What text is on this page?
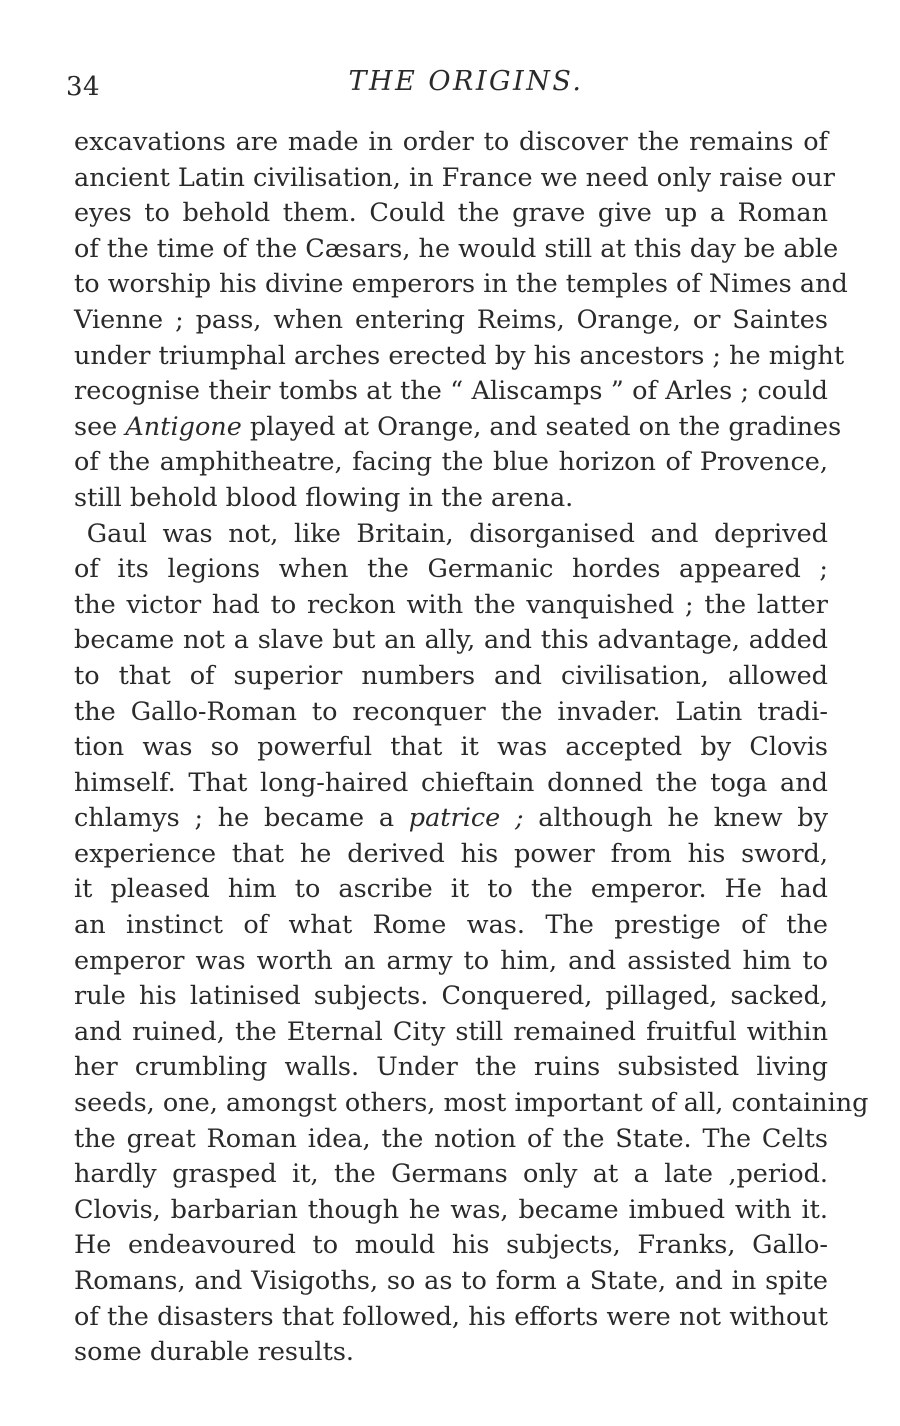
34	THE ORIGINS.
excavations are made in order to discover the remains of
ancient Latin civilisation, in France we need only raise our
eyes to behold them. Could the grave give up a Roman
of the time of the Cæsars, he would still at this day be able
to worship his divine emperors in the temples of Nimes and
Vienne ; pass, when entering Reims, Orange, or Saintes
under triumphal arches erected by his ancestors ; he might
recognise their tombs at the “ Aliscamps ” of Arles ; could
see Antigone played at Orange, and seated on the gradines
of the amphitheatre, facing the blue horizon of Provence,
still behold blood flowing in the arena.
 Gaul was not, like Britain, disorganised and deprived
of its legions when the Germanic hordes appeared ;
the victor had to reckon with the vanquished ; the latter
became not a slave but an ally, and this advantage, added
to that of superior numbers and civilisation, allowed
the Gallo-Roman to reconquer the invader. Latin tradi-
tion was so powerful that it was accepted by Clovis
himself. That long-haired chieftain donned the toga and
chlamys ; he became a patrice ; although he knew by
experience that he derived his power from his sword,
it pleased him to ascribe it to the emperor. He had
an instinct of what Rome was. The prestige of the
emperor was worth an army to him, and assisted him to
rule his latinised subjects. Conquered, pillaged, sacked,
and ruined, the Eternal City still remained fruitful within
her crumbling walls. Under the ruins subsisted living
seeds, one, amongst others, most important of all, containing
the great Roman idea, the notion of the State. The Celts
hardly grasped it, the Germans only at a late ,period.
Clovis, barbarian though he was, became imbued with it.
He endeavoured to mould his subjects, Franks, Gallo-
Romans, and Visigoths, so as to form a State, and in spite
of the disasters that followed, his efforts were not without
some durable results.
